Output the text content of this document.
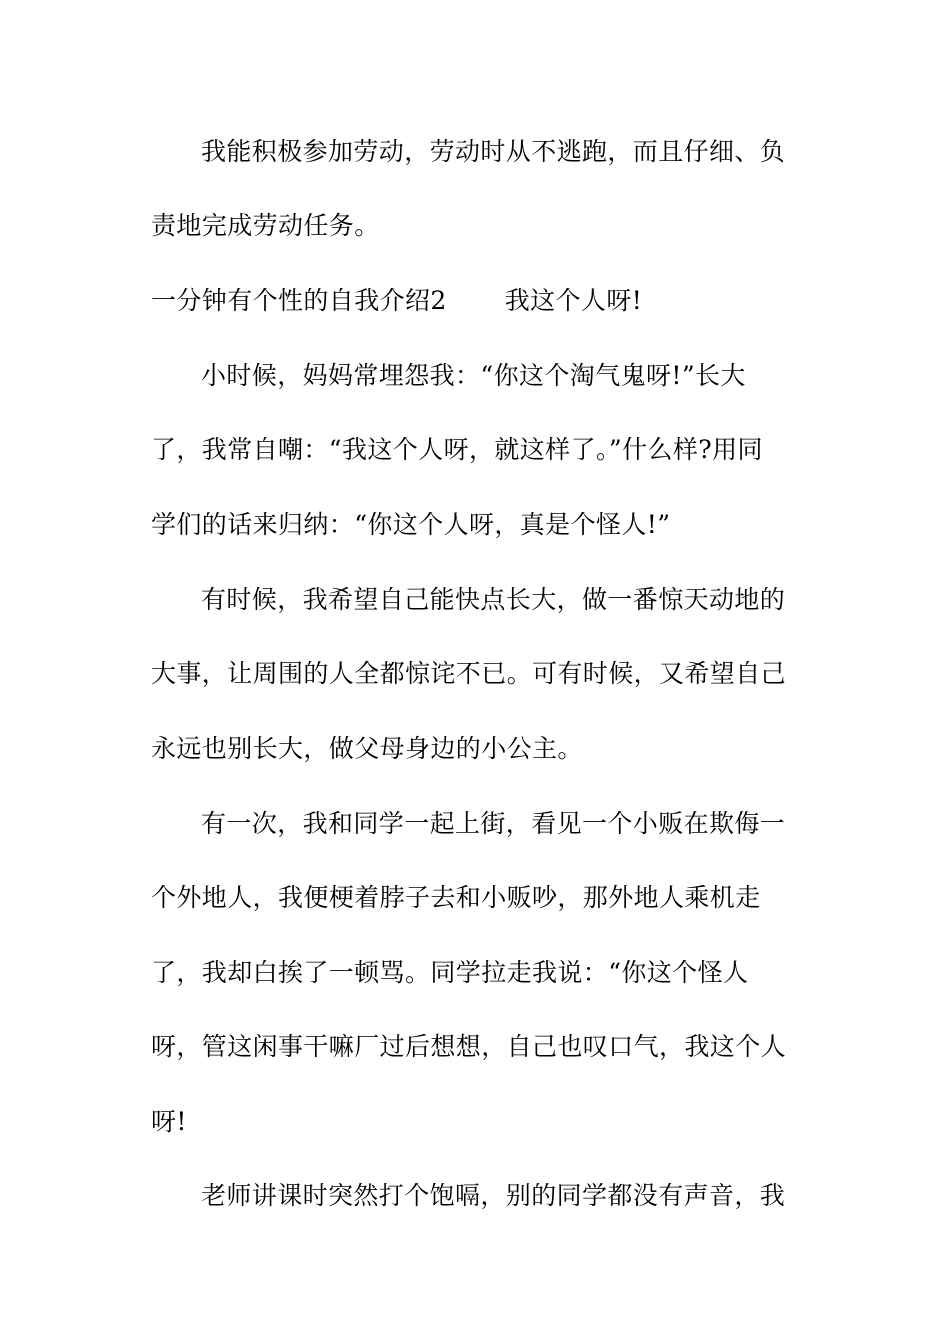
我能积极参加劳动，劳动时从不逃跑，而且仔细、负
责地完成劳动任务。
一分钟有个性的自我介绍2 我这个人呀!
小时候，妈妈常埋怨我：“你这个淘气鬼呀!”长大
了，我常自嘲：“我这个人呀，就这样了。”什么样?用同
学们的话来归纳：“你这个人呀，真是个怪人!”
有时候，我希望自己能快点长大，做一番惊天动地的
大事，让周围的人全都惊诧不已。可有时候，又希望自己
永远也别长大，做父母身边的小公主。
有一次，我和同学一起上街，看见一个小贩在欺侮一
个外地人，我便梗着脖子去和小贩吵，那外地人乘机走
了，我却白挨了一顿骂。同学拉走我说：“你这个怪人
呀，管这闲事干嘛厂过后想想，自己也叹口气，我这个人
呀!
老师讲课时突然打个饱嗝，别的同学都没有声音，我
